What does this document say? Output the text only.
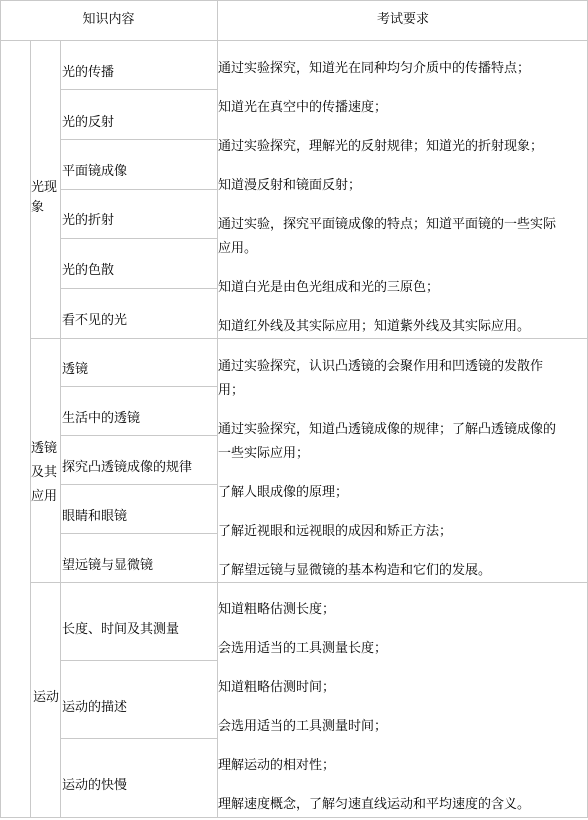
知识内容	考试要求
光现
象
光的传播
光的反射
平面镜成像
光的折射
光的色散
看不见的光
通过实验探究，知道光在同种均匀介质中的传播特点；
知道光在真空中的传播速度；
通过实验探究，理解光的反射规律；知道光的折射现象；
知道漫反射和镜面反射；
通过实验，探究平面镜成像的特点；知道平面镜的一些实际
应用。
知道白光是由色光组成和光的三原色；
知道红外线及其实际应用；知道紫外线及其实际应用。
透镜
及其
应用
透镜
生活中的透镜
探究凸透镜成像的规律
眼睛和眼镜
望远镜与显微镜
通过实验探究，认识凸透镜的会聚作用和凹透镜的发散作
用；
通过实验探究，知道凸透镜成像的规律；了解凸透镜成像的
一些实际应用；
了解人眼成像的原理；
了解近视眼和远视眼的成因和矫正方法；
了解望远镜与显微镜的基本构造和它们的发展。
运动
长度、时间及其测量
运动的描述
运动的快慢
知道粗略估测长度；
会选用适当的工具测量长度；
知道粗略估测时间；
会选用适当的工具测量时间；
理解运动的相对性；
理解速度概念，了解匀速直线运动和平均速度的含义。
